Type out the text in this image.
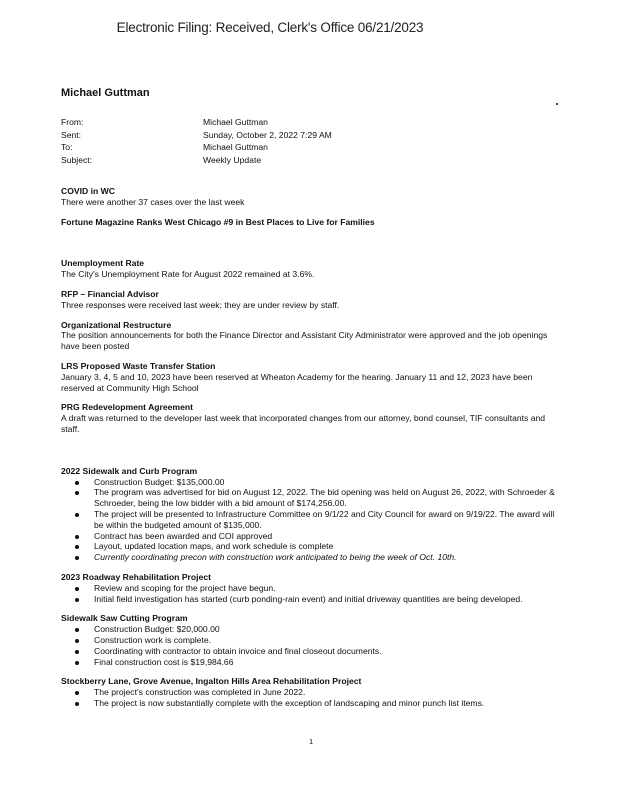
Electronic Filing: Received, Clerk's Office 06/21/2023
Michael Guttman
From:	Michael Guttman
Sent:	Sunday, October 2, 2022 7:29 AM
To:	Michael Guttman
Subject:	Weekly Update
COVID in WC
There were another 37 cases over the last week
Fortune Magazine Ranks West Chicago #9 in Best Places to Live for Families
Unemployment Rate
The City's Unemployment Rate for August 2022 remained at 3.6%.
RFP – Financial Advisor
Three responses were received last week; they are under review by staff.
Organizational Restructure
The position announcements for both the Finance Director and Assistant City Administrator were approved and the job openings have been posted
LRS Proposed Waste Transfer Station
January 3, 4, 5 and 10, 2023 have been reserved at Wheaton Academy for the hearing. January 11 and 12, 2023 have been reserved at Community High School
PRG Redevelopment Agreement
A draft was returned to the developer last week that incorporated changes from our attorney, bond counsel, TIF consultants and staff.
2022 Sidewalk and Curb Program
Construction Budget: $135,000.00
The program was advertised for bid on August 12, 2022. The bid opening was held on August 26, 2022, with Schroeder & Schroeder, being the low bidder with a bid amount of $174,256.00.
The project will be presented to Infrastructure Committee on 9/1/22 and City Council for award on 9/19/22. The award will be within the budgeted amount of $135,000.
Contract has been awarded and COI approved
Layout, updated location maps, and work schedule is complete
Currently coordinating precon with construction work anticipated to being the week of Oct. 10th.
2023 Roadway Rehabilitation Project
Review and scoping for the project have begun.
Initial field investigation has started (curb ponding-rain event) and initial driveway quantities are being developed.
Sidewalk Saw Cutting Program
Construction Budget: $20,000.00
Construction work is complete.
Coordinating with contractor to obtain invoice and final closeout documents.
Final construction cost is $19,984.66
Stockberry Lane, Grove Avenue, Ingalton Hills Area Rehabilitation Project
The project's construction was completed in June 2022.
The project is now substantially complete with the exception of landscaping and minor punch list items.
1
